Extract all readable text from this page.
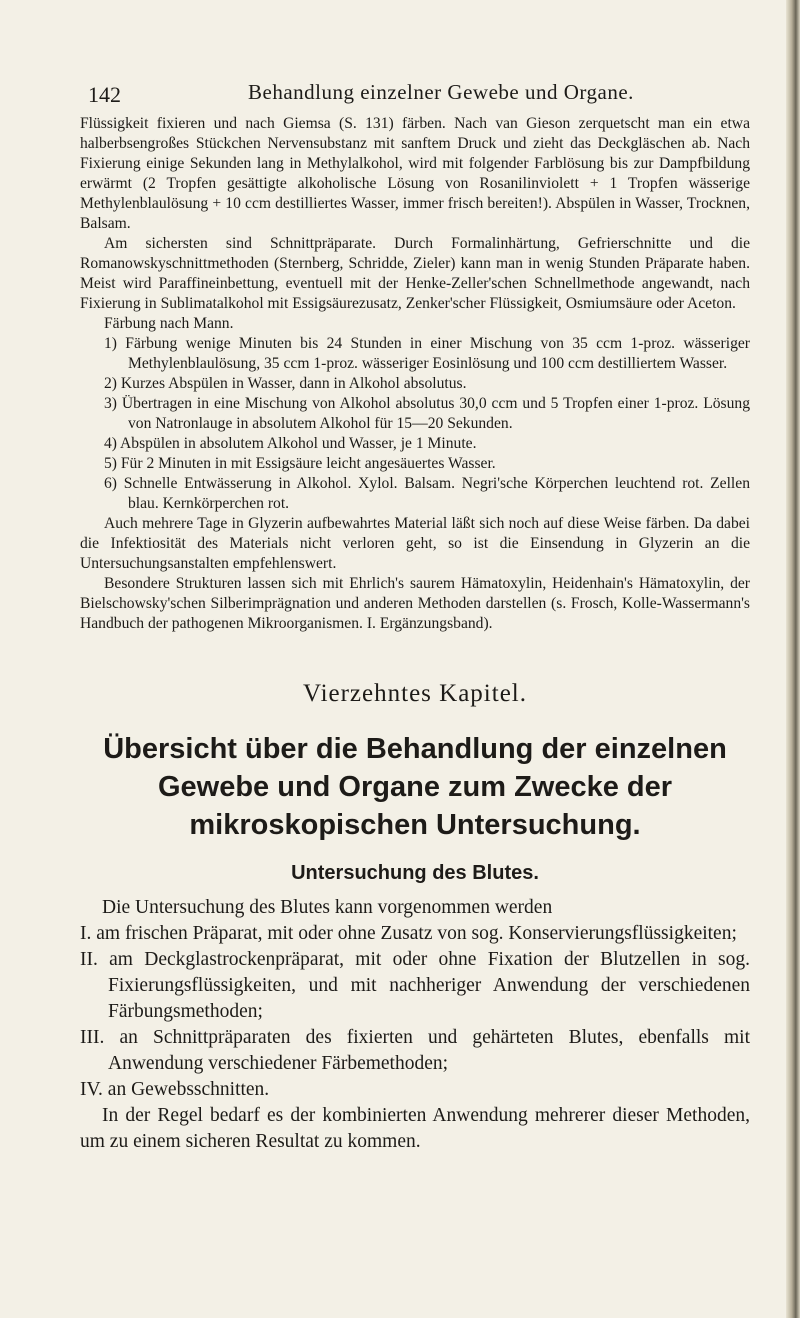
142	Behandlung einzelner Gewebe und Organe.

Flüssigkeit fixieren und nach Giemsa (S. 131) färben. Nach van Gieson zerquetscht man ein etwa halberbsengroßes Stückchen Nervensubstanz mit sanftem Druck und zieht das Deckgläschen ab. Nach Fixierung einige Sekunden lang in Methylalkohol, wird mit folgender Farblösung bis zur Dampfbildung erwärmt (2 Tropfen gesättigte alkoholische Lösung von Rosanilinviolett + 1 Tropfen wässerige Methylenblaulösung + 10 ccm destilliertes Wasser, immer frisch bereiten!). Abspülen in Wasser, Trocknen, Balsam.

Am sichersten sind Schnittpräparate. Durch Formalinhärtung, Gefrierschnitte und die Romanowskyschnittmethoden (Sternberg, Schridde, Zieler) kann man in wenig Stunden Präparate haben. Meist wird Paraffineinbettung, eventuell mit der Henke-Zeller'schen Schnellmethode angewandt, nach Fixierung in Sublimatalkohol mit Essigsäurezusatz, Zenker'scher Flüssigkeit, Osmiumsäure oder Aceton.

Färbung nach Mann.

1) Färbung wenige Minuten bis 24 Stunden in einer Mischung von 35 ccm 1-proz. wässeriger Methylenblaulösung, 35 ccm 1-proz. wässeriger Eosinlösung und 100 ccm destilliertem Wasser.

2) Kurzes Abspülen in Wasser, dann in Alkohol absolutus.

3) Übertragen in eine Mischung von Alkohol absolutus 30,0 ccm und 5 Tropfen einer 1-proz. Lösung von Natronlauge in absolutem Alkohol für 15—20 Sekunden.

4) Abspülen in absolutem Alkohol und Wasser, je 1 Minute.

5) Für 2 Minuten in mit Essigsäure leicht angesäuertes Wasser.

6) Schnelle Entwässerung in Alkohol. Xylol. Balsam. Negri'sche Körperchen leuchtend rot. Zellen blau. Kernkörperchen rot.

Auch mehrere Tage in Glyzerin aufbewahrtes Material läßt sich noch auf diese Weise färben. Da dabei die Infektiosität des Materials nicht verloren geht, so ist die Einsendung in Glyzerin an die Untersuchungsanstalten empfehlenswert.

Besondere Strukturen lassen sich mit Ehrlich's saurem Hämatoxylin, Heidenhain's Hämatoxylin, der Bielschowsky'schen Silberimprägnation und anderen Methoden darstellen (s. Frosch, Kolle-Wassermann's Handbuch der pathogenen Mikroorganismen. I. Ergänzungsband).

Vierzehntes Kapitel.
Übersicht über die Behandlung der einzelnen Gewebe und Organe zum Zwecke der mikroskopischen Untersuchung.
Untersuchung des Blutes.

Die Untersuchung des Blutes kann vorgenommen werden

I. am frischen Präparat, mit oder ohne Zusatz von sog. Konservierungsflüssigkeiten;

II. am Deckglastrockenpräparat, mit oder ohne Fixation der Blutzellen in sog. Fixierungsflüssigkeiten, und mit nachheriger Anwendung der verschiedenen Färbungsmethoden;

III. an Schnittpräparaten des fixierten und gehärteten Blutes, ebenfalls mit Anwendung verschiedener Färbemethoden;

IV. an Gewebsschnitten.

In der Regel bedarf es der kombinierten Anwendung mehrerer dieser Methoden, um zu einem sicheren Resultat zu kommen.
